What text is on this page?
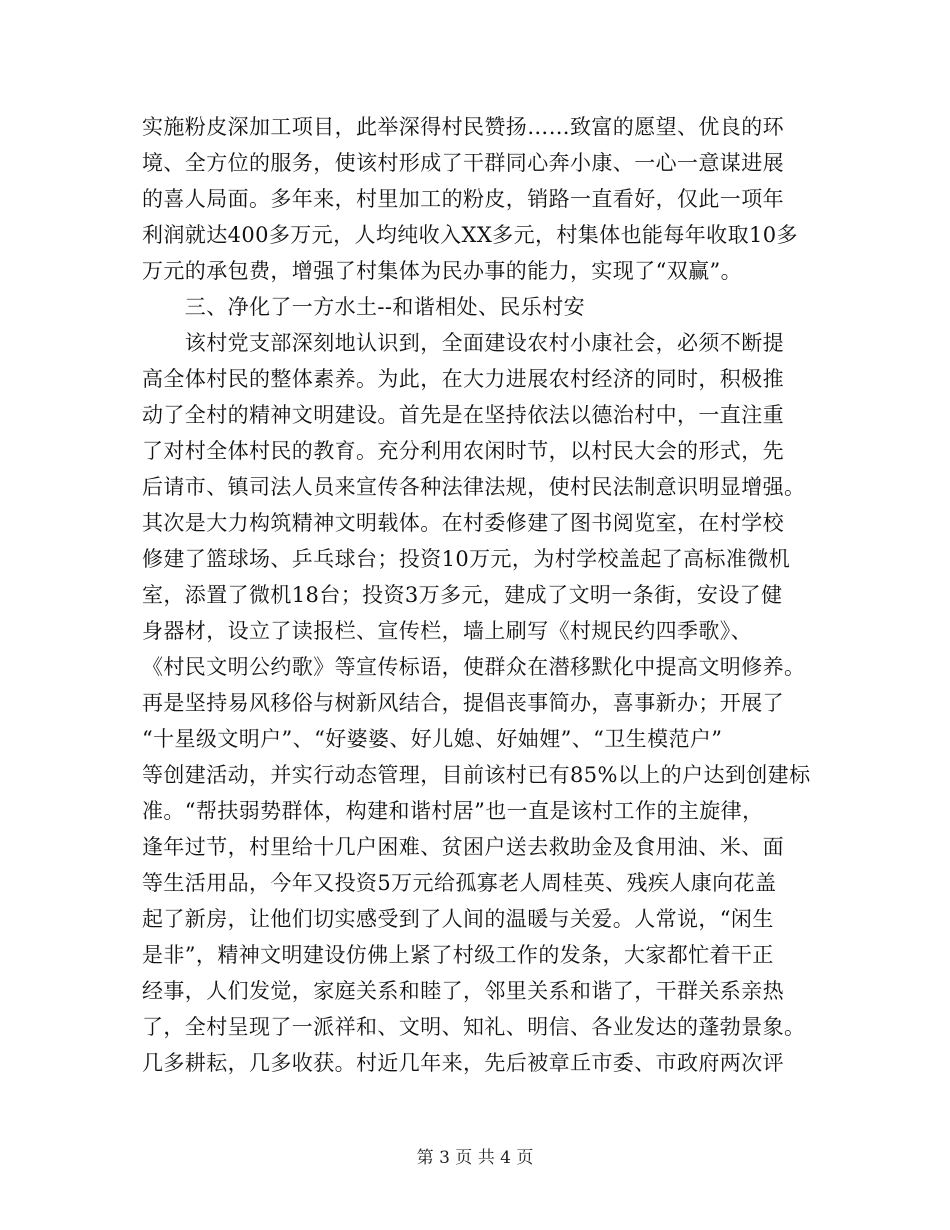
实施粉皮深加工项目，此举深得村民赞扬……致富的愿望、优良的环
境、全方位的服务，使该村形成了干群同心奔小康、一心一意谋进展
的喜人局面。多年来，村里加工的粉皮，销路一直看好，仅此一项年
利润就达400多万元，人均纯收入XX多元，村集体也能每年收取10多
万元的承包费，增强了村集体为民办事的能力，实现了“双赢”。
　　三、净化了一方水土--和谐相处、民乐村安
　　该村党支部深刻地认识到，全面建设农村小康社会，必须不断提
高全体村民的整体素养。为此，在大力进展农村经济的同时，积极推
动了全村的精神文明建设。首先是在坚持依法以德治村中，一直注重
了对村全体村民的教育。充分利用农闲时节，以村民大会的形式，先
后请市、镇司法人员来宣传各种法律法规，使村民法制意识明显增强。
其次是大力构筑精神文明载体。在村委修建了图书阅览室，在村学校
修建了篮球场、乒乓球台；投资10万元，为村学校盖起了高标准微机
室，添置了微机18台；投资3万多元，建成了文明一条街，安设了健
身器材，设立了读报栏、宣传栏，墙上刷写《村规民约四季歌》、
《村民文明公约歌》等宣传标语，使群众在潜移默化中提高文明修养。
再是坚持易风移俗与树新风结合，提倡丧事简办，喜事新办；开展了
“十星级文明户”、“好婆婆、好儿媳、好妯娌”、“卫生模范户”
等创建活动，并实行动态管理，目前该村已有85%以上的户达到创建标
准。“帮扶弱势群体，构建和谐村居”也一直是该村工作的主旋律，
逢年过节，村里给十几户困难、贫困户送去救助金及食用油、米、面
等生活用品，今年又投资5万元给孤寡老人周桂英、残疾人康向花盖
起了新房，让他们切实感受到了人间的温暖与关爱。人常说，“闲生
是非”，精神文明建设仿佛上紧了村级工作的发条，大家都忙着干正
经事，人们发觉，家庭关系和睦了，邻里关系和谐了，干群关系亲热
了，全村呈现了一派祥和、文明、知礼、明信、各业发达的蓬勃景象。
几多耕耘，几多收获。村近几年来，先后被章丘市委、市政府两次评
第 3 页 共 4 页
